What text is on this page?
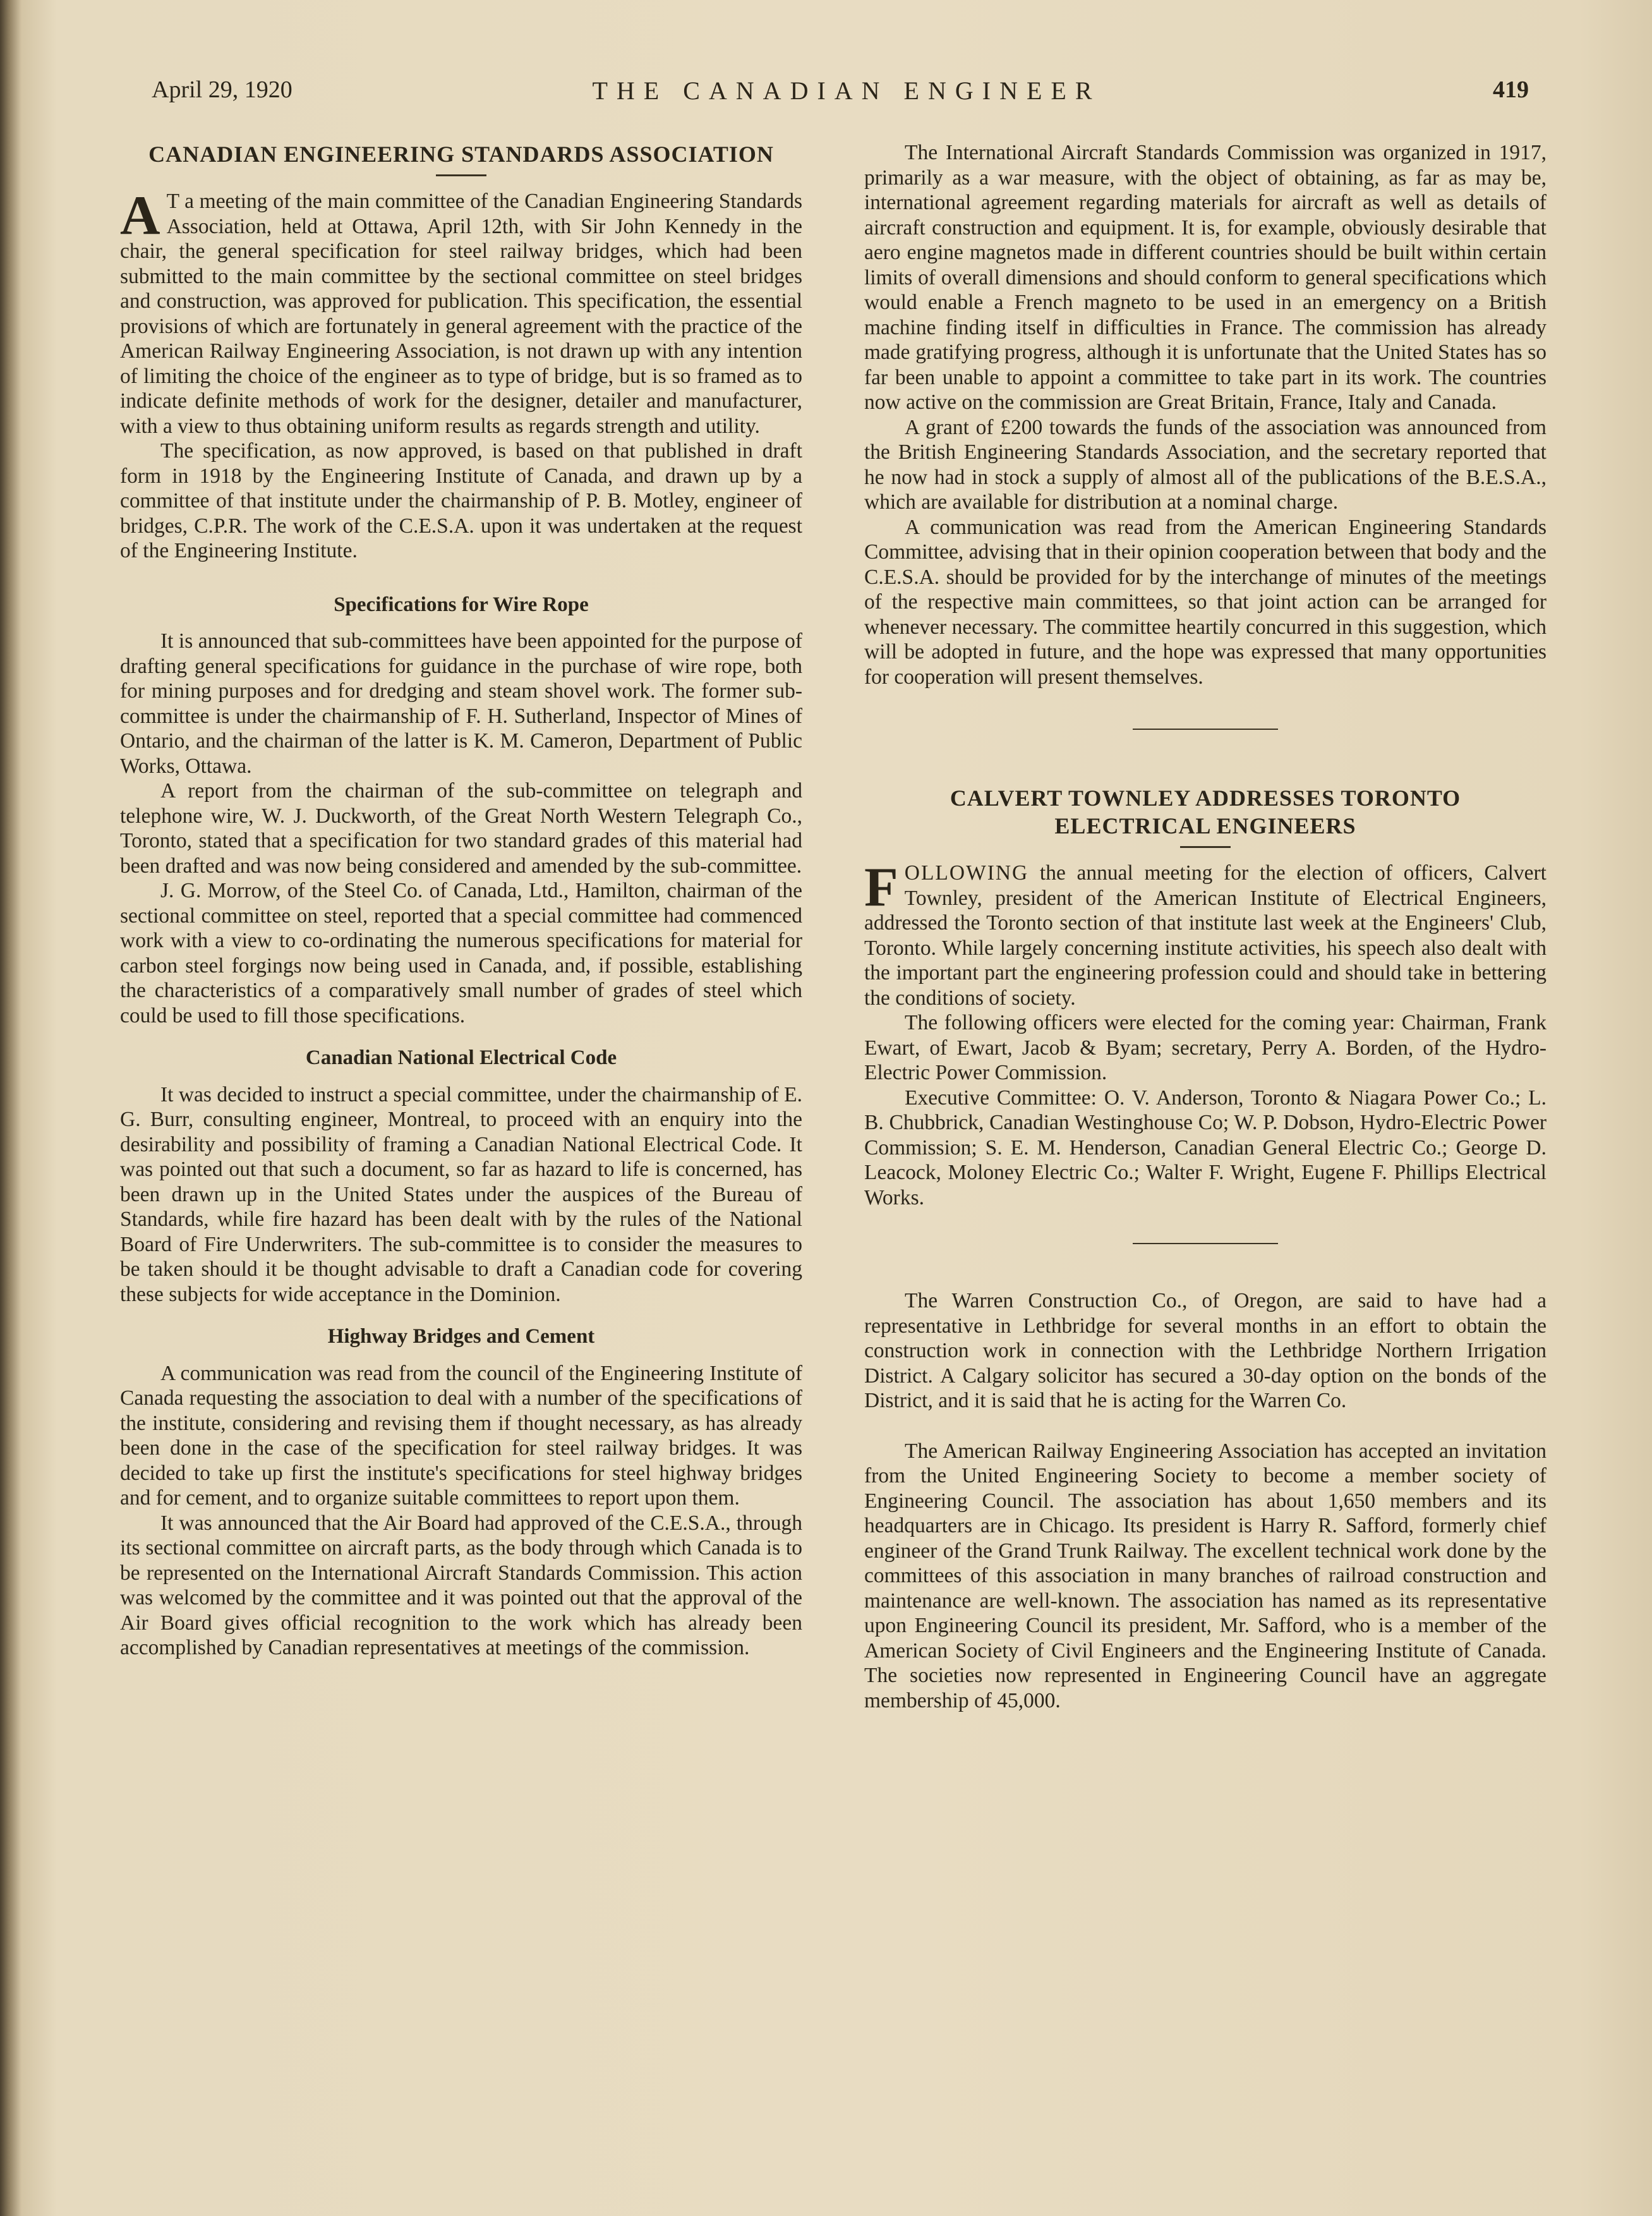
April 29, 1920	THE CANADIAN ENGINEER	419
CANADIAN ENGINEERING STANDARDS ASSOCIATION

A T a meeting of the main committee of the Canadian Engineering Standards Association, held at Ottawa, April 12th, with Sir John Kennedy in the chair, the general specification for steel railway bridges, which had been submitted to the main committee by the sectional committee on steel bridges and construction, was approved for publication. This specification, the essential provisions of which are fortunately in general agreement with the practice of the American Railway Engineering Association, is not drawn up with any intention of limiting the choice of the engineer as to type of bridge, but is so framed as to indicate definite methods of work for the designer, detailer and manufacturer, with a view to thus obtaining uniform results as regards strength and utility.

The specification, as now approved, is based on that published in draft form in 1918 by the Engineering Institute of Canada, and drawn up by a committee of that institute under the chairmanship of P. B. Motley, engineer of bridges, C.P.R. The work of the C.E.S.A. upon it was undertaken at the request of the Engineering Institute.

Specifications for Wire Rope

It is announced that sub-committees have been appointed for the purpose of drafting general specifications for guidance in the purchase of wire rope, both for mining purposes and for dredging and steam shovel work. The former sub-committee is under the chairmanship of F. H. Sutherland, Inspector of Mines of Ontario, and the chairman of the latter is K. M. Cameron, Department of Public Works, Ottawa.

A report from the chairman of the sub-committee on telegraph and telephone wire, W. J. Duckworth, of the Great North Western Telegraph Co., Toronto, stated that a specification for two standard grades of this material had been drafted and was now being considered and amended by the sub-committee.

J. G. Morrow, of the Steel Co. of Canada, Ltd., Hamilton, chairman of the sectional committee on steel, reported that a special committee had commenced work with a view to co-ordinating the numerous specifications for material for carbon steel forgings now being used in Canada, and, if possible, establishing the characteristics of a comparatively small number of grades of steel which could be used to fill those specifications.

Canadian National Electrical Code

It was decided to instruct a special committee, under the chairmanship of E. G. Burr, consulting engineer, Montreal, to proceed with an enquiry into the desirability and possibility of framing a Canadian National Electrical Code. It was pointed out that such a document, so far as hazard to life is concerned, has been drawn up in the United States under the auspices of the Bureau of Standards, while fire hazard has been dealt with by the rules of the National Board of Fire Underwriters. The sub-committee is to consider the measures to be taken should it be thought advisable to draft a Canadian code for covering these subjects for wide acceptance in the Dominion.

Highway Bridges and Cement

A communication was read from the council of the Engineering Institute of Canada requesting the association to deal with a number of the specifications of the institute, considering and revising them if thought necessary, as has already been done in the case of the specification for steel railway bridges. It was decided to take up first the institute's specifications for steel highway bridges and for cement, and to organize suitable committees to report upon them.

It was announced that the Air Board had approved of the C.E.S.A., through its sectional committee on aircraft parts, as the body through which Canada is to be represented on the International Aircraft Standards Commission. This action was welcomed by the committee and it was pointed out that the approval of the Air Board gives official recognition to the work which has already been accomplished by Canadian representatives at meetings of the commission.

The International Aircraft Standards Commission was organized in 1917, primarily as a war measure, with the object of obtaining, as far as may be, international agreement regarding materials for aircraft as well as details of aircraft construction and equipment. It is, for example, obviously desirable that aero engine magnetos made in different countries should be built within certain limits of overall dimensions and should conform to general specifications which would enable a French magneto to be used in an emergency on a British machine finding itself in difficulties in France. The commission has already made gratifying progress, although it is unfortunate that the United States has so far been unable to appoint a committee to take part in its work. The countries now active on the commission are Great Britain, France, Italy and Canada.

A grant of £200 towards the funds of the association was announced from the British Engineering Standards Association, and the secretary reported that he now had in stock a supply of almost all of the publications of the B.E.S.A., which are available for distribution at a nominal charge.

A communication was read from the American Engineering Standards Committee, advising that in their opinion cooperation between that body and the C.E.S.A. should be provided for by the interchange of minutes of the meetings of the respective main committees, so that joint action can be arranged for whenever necessary. The committee heartily concurred in this suggestion, which will be adopted in future, and the hope was expressed that many opportunities for cooperation will present themselves.

CALVERT TOWNLEY ADDRESSES TORONTO
ELECTRICAL ENGINEERS

FOLLOWING the annual meeting for the election of officers, Calvert Townley, president of the American Institute of Electrical Engineers, addressed the Toronto section of that institute last week at the Engineers' Club, Toronto. While largely concerning institute activities, his speech also dealt with the important part the engineering profession could and should take in bettering the conditions of society.

The following officers were elected for the coming year: Chairman, Frank Ewart, of Ewart, Jacob & Byam; secretary, Perry A. Borden, of the Hydro-Electric Power Commission.

Executive Committee: O. V. Anderson, Toronto & Niagara Power Co.; L. B. Chubbrick, Canadian Westinghouse Co; W. P. Dobson, Hydro-Electric Power Commission; S. E. M. Henderson, Canadian General Electric Co.; George D. Leacock, Moloney Electric Co.; Walter F. Wright, Eugene F. Phillips Electrical Works.

The Warren Construction Co., of Oregon, are said to have had a representative in Lethbridge for several months in an effort to obtain the construction work in connection with the Lethbridge Northern Irrigation District. A Calgary solicitor has secured a 30-day option on the bonds of the District, and it is said that he is acting for the Warren Co.

The American Railway Engineering Association has accepted an invitation from the United Engineering Society to become a member society of Engineering Council. The association has about 1,650 members and its headquarters are in Chicago. Its president is Harry R. Safford, formerly chief engineer of the Grand Trunk Railway. The excellent technical work done by the committees of this association in many branches of railroad construction and maintenance are well-known. The association has named as its representative upon Engineering Council its president, Mr. Safford, who is a member of the American Society of Civil Engineers and the Engineering Institute of Canada. The societies now represented in Engineering Council have an aggregate membership of 45,000.
